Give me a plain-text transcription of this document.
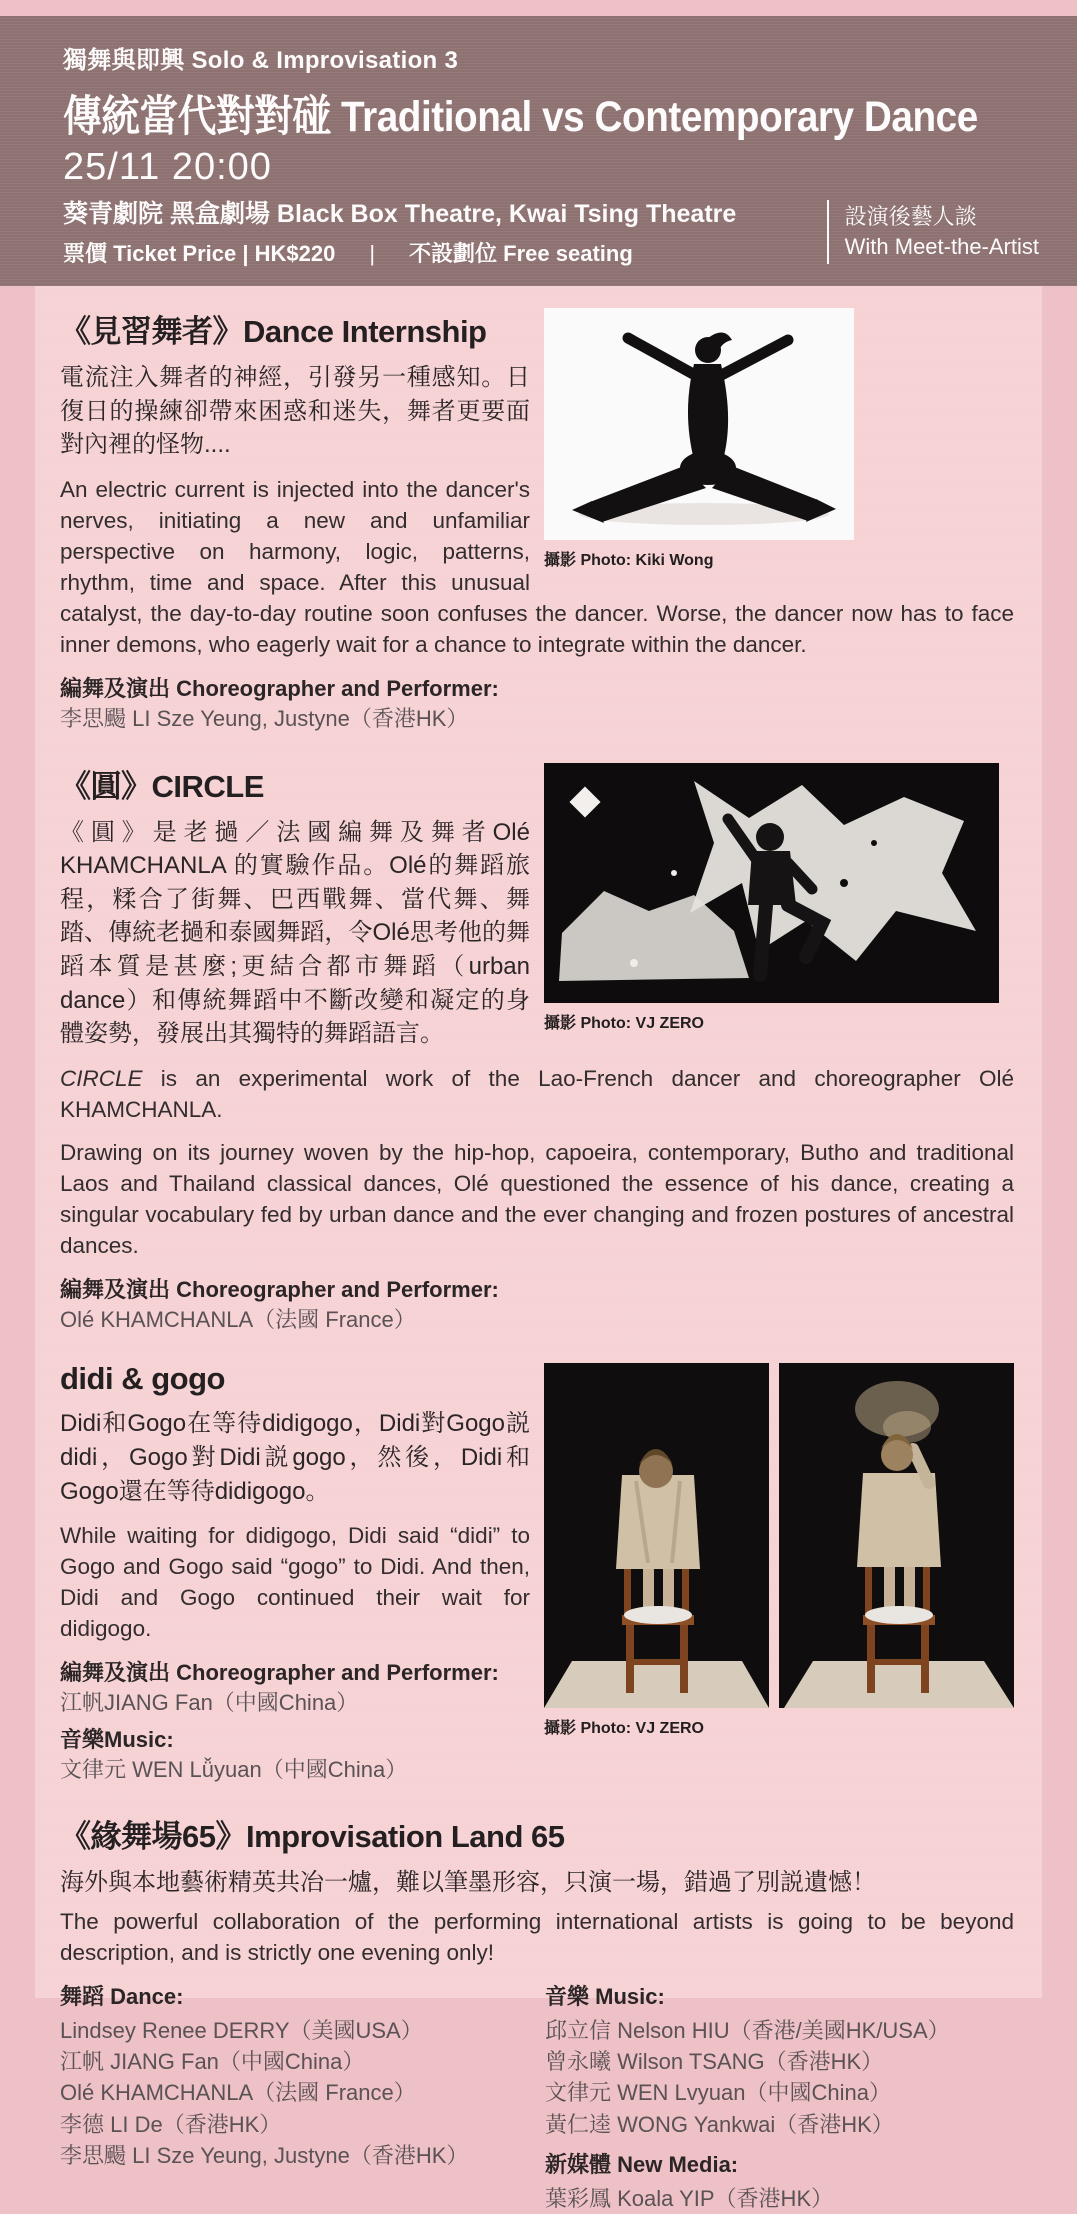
獨舞與即興 Solo & Improvisation 3
傳統當代對對碰 Traditional vs Contemporary Dance
25/11 20:00
葵青劇院 黑盒劇場 Black Box Theatre, Kwai Tsing Theatre
票價 Ticket Price | HK$220 | 不設劃位 Free seating
設演後藝人談
With Meet-the-Artist
攝影 Photo: Kiki Wong
《見習舞者》Dance Internship

電流注入舞者的神經，引發另一種感知。日復日的操練卻帶來困惑和迷失，舞者更要面對內裡的怪物....

An electric current is injected into the dancer's nerves, initiating a new and unfamiliar perspective on harmony, logic, patterns, rhythm, time and space. After this unusual catalyst, the day-to-day routine soon confuses the dancer. Worse, the dancer now has to face inner demons, who eagerly wait for a chance to integrate within the dancer.

編舞及演出 Choreographer and Performer:
李思颺 LI Sze Yeung, Justyne（香港HK）
攝影 Photo: VJ ZERO
《圓》CIRCLE

《圓》是老撾／法國編舞及舞者Olé KHAMCHANLA 的實驗作品。Olé的舞蹈旅程，糅合了街舞、巴西戰舞、當代舞、舞踏、傳統老撾和泰國舞蹈，令Olé思考他的舞蹈本質是甚麼;更結合都市舞蹈（urban dance）和傳統舞蹈中不斷改變和凝定的身體姿勢，發展出其獨特的舞蹈語言。

CIRCLE is an experimental work of the Lao-French dancer and choreographer Olé KHAMCHANLA.

Drawing on its journey woven by the hip-hop, capoeira, contemporary, Butho and traditional Laos and Thailand classical dances, Olé questioned the essence of his dance, creating a singular vocabulary fed by urban dance and the ever changing and frozen postures of ancestral dances.

編舞及演出 Choreographer and Performer:
Olé KHAMCHANLA（法國 France）
攝影 Photo: VJ ZERO
didi & gogo

Didi和Gogo在等待didigogo，Didi對Gogo説didi，Gogo對Didi説gogo，然後，Didi和Gogo還在等待didigogo。

While waiting for didigogo, Didi said “didi” to Gogo and Gogo said “gogo” to Didi. And then, Didi and Gogo continued their wait for didigogo.

編舞及演出 Choreographer and Performer:
江帆JIANG Fan（中國China）
音樂Music:
文律元 WEN Lǚyuan（中國China）
《緣舞場65》Improvisation Land 65

海外與本地藝術精英共冶一爐，難以筆墨形容，只演一場，錯過了別説遺憾！

The powerful collaboration of the performing international artists is going to be beyond description, and is strictly one evening only!

舞蹈 Dance:
Lindsey Renee DERRY（美國USA）
江帆 JIANG Fan（中國China）
Olé KHAMCHANLA（法國 France）
李德 LI De（香港HK）
李思颺 LI Sze Yeung, Justyne（香港HK）
音樂 Music:
邱立信 Nelson HIU（香港/美國HK/USA）
曾永曦 Wilson TSANG（香港HK）
文律元 WEN Lvyuan（中國China）
黃仁逵 WONG Yankwai（香港HK）
新媒體 New Media:
葉彩鳳 Koala YIP（香港HK）
